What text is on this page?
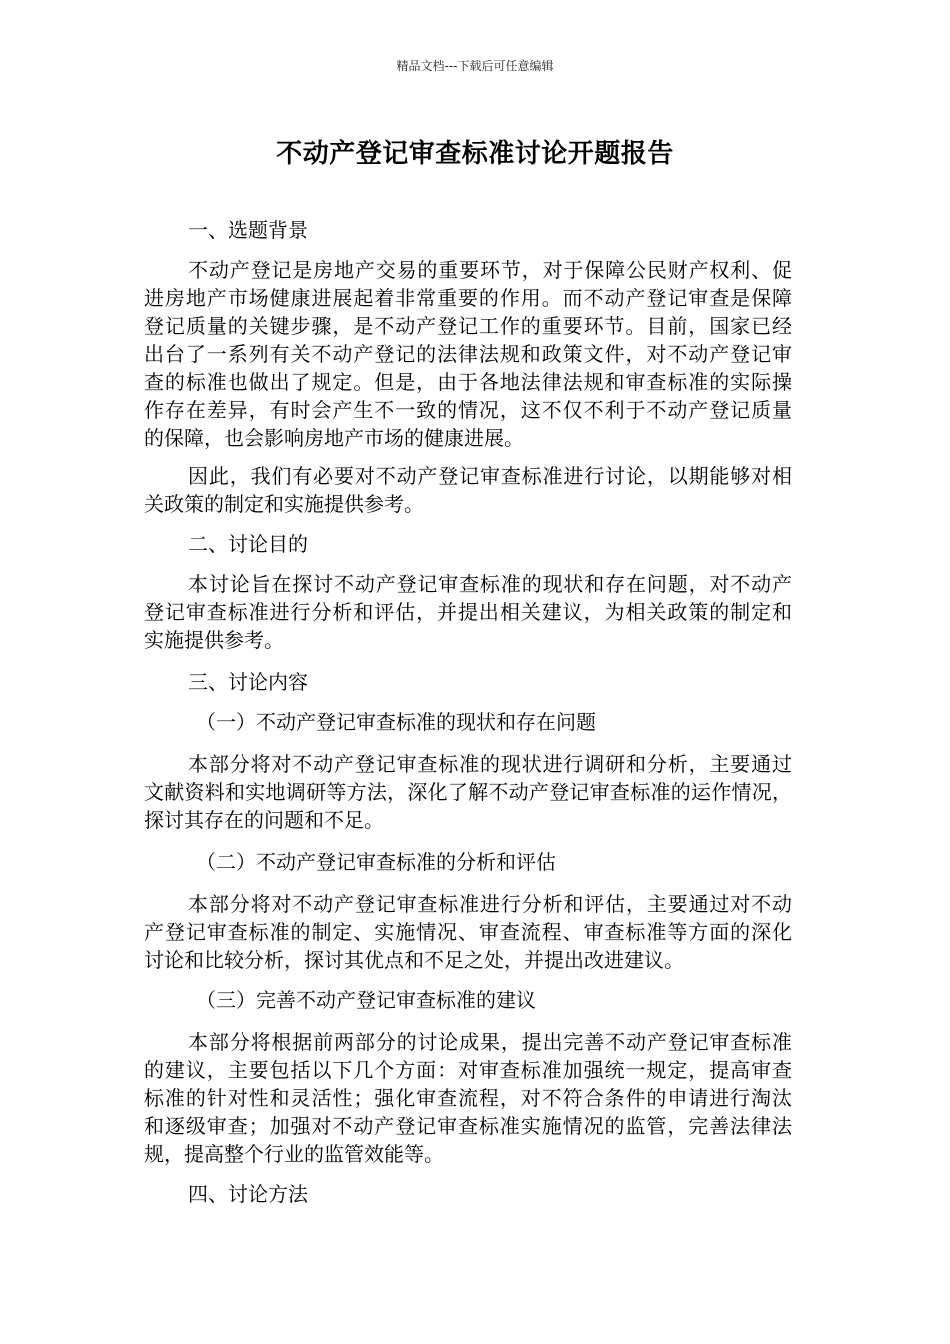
精品文档---下载后可任意编辑
不动产登记审查标准讨论开题报告
一、选题背景
不动产登记是房地产交易的重要环节，对于保障公民财产权利、促
进房地产市场健康进展起着非常重要的作用。而不动产登记审查是保障
登记质量的关键步骤，是不动产登记工作的重要环节。目前，国家已经
出台了一系列有关不动产登记的法律法规和政策文件，对不动产登记审
查的标准也做出了规定。但是，由于各地法律法规和审查标准的实际操
作存在差异，有时会产生不一致的情况，这不仅不利于不动产登记质量
的保障，也会影响房地产市场的健康进展。
因此，我们有必要对不动产登记审查标准进行讨论，以期能够对相
关政策的制定和实施提供参考。
二、讨论目的
本讨论旨在探讨不动产登记审查标准的现状和存在问题，对不动产
登记审查标准进行分析和评估，并提出相关建议，为相关政策的制定和
实施提供参考。
三、讨论内容
（一）不动产登记审查标准的现状和存在问题
本部分将对不动产登记审查标准的现状进行调研和分析，主要通过
文献资料和实地调研等方法，深化了解不动产登记审查标准的运作情况，
探讨其存在的问题和不足。
（二）不动产登记审查标准的分析和评估
本部分将对不动产登记审查标准进行分析和评估，主要通过对不动
产登记审查标准的制定、实施情况、审查流程、审查标准等方面的深化
讨论和比较分析，探讨其优点和不足之处，并提出改进建议。
（三）完善不动产登记审查标准的建议
本部分将根据前两部分的讨论成果，提出完善不动产登记审查标准
的建议，主要包括以下几个方面：对审查标准加强统一规定，提高审查
标准的针对性和灵活性；强化审查流程，对不符合条件的申请进行淘汰
和逐级审查；加强对不动产登记审查标准实施情况的监管，完善法律法
规，提高整个行业的监管效能等。
四、讨论方法
